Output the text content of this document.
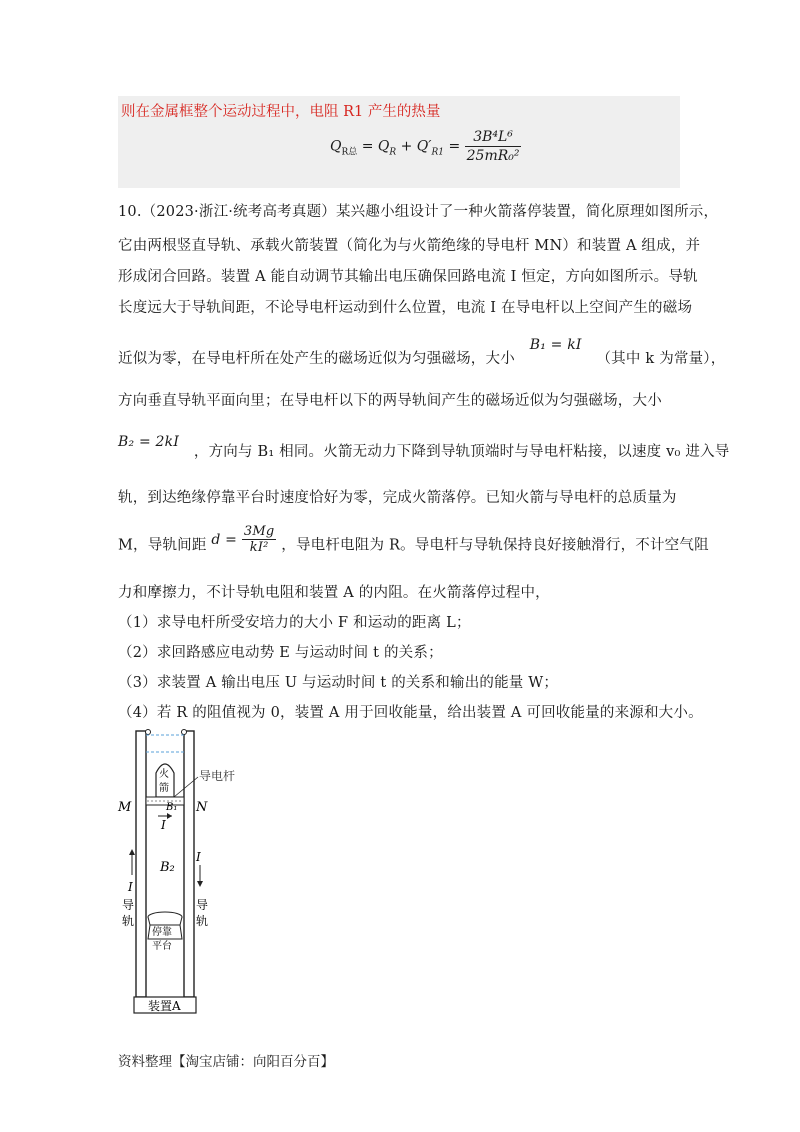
则在金属框整个运动过程中，电阻 R1 产生的热量
$Q_{R总} = Q_R + Q'_{R1} = \frac{\text{3B⁴L⁶}}{\text{25mR₀²}}$
10.（2023·浙江·统考高考真题）某兴趣小组设计了一种火箭落停装置，简化原理如图所示，
它由两根竖直导轨、承载火箭装置（简化为与火箭绝缘的导电杆 MN）和装置 A 组成，并
形成闭合回路。装置 A 能自动调节其输出电压确保回路电流 I 恒定，方向如图所示。导轨
长度远大于导轨间距，不论导电杆运动到什么位置，电流 I 在导电杆以上空间产生的磁场
近似为零，在导电杆所在处产生的磁场近似为匀强磁场，大小 B₁ = kI （其中 k 为常量），
方向垂直导轨平面向里；在导电杆以下的两导轨间产生的磁场近似为匀强磁场，大小
B₂ = 2kI ，方向与 B₁ 相同。火箭无动力下降到导轨顶端时与导电杆粘接，以速度 v₀ 进入导
轨，到达绝缘停靠平台时速度恰好为零，完成火箭落停。已知火箭与导电杆的总质量为
M，导轨间距 $d = \frac{3Mg}{\text{kI²}}$ ，导电杆电阻为 R。导电杆与导轨保持良好接触滑行，不计空气阻
力和摩擦力，不计导轨电阻和装置 A 的内阻。在火箭落停过程中，
（1）求导电杆所受安培力的大小 F 和运动的距离 L；
（2）求回路感应电动势 E 与运动时间 t 的关系；
（3）求装置 A 输出电压 U 与运动时间 t 的关系和输出的能量 W；
（4）若 R 的阻值视为 0，装置 A 用于回收能量，给出装置 A 可回收能量的来源和大小。
火
箭
导电杆
M	N
B₁
I
B₂
I
I
导
轨
导
轨
停靠
平台
装置A
资料整理【淘宝店铺：向阳百分百】
